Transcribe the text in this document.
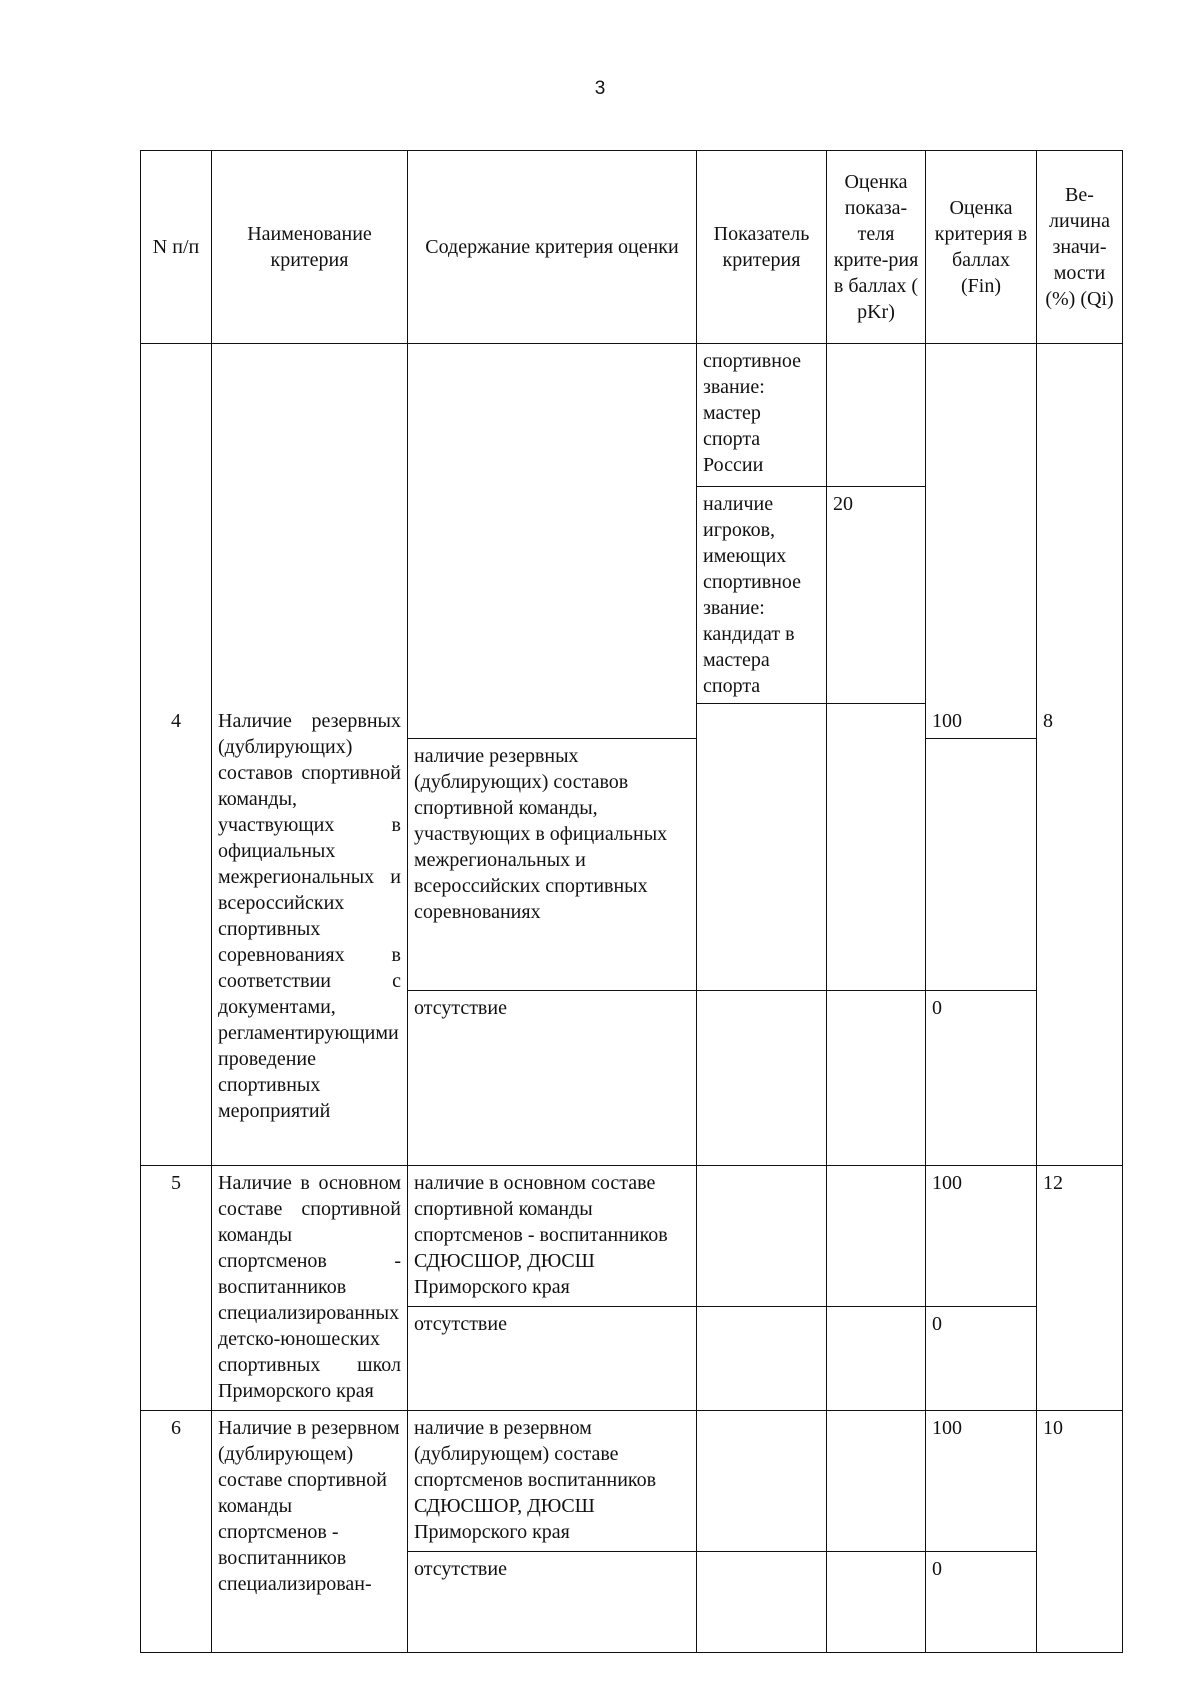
3
N п/п	Наименование критерия	Содержание критерия оценки	Показатель критерия	Оценка показа-теля крите-рия в баллах ( pKr)	Оценка критерия в баллах (Fin)	Ве-личина значи-мости (%) (Qi)
4	Наличие резервных (дублирующих) составов спортивной команды, участвующих в официальных межрегиональных и всероссийских спортивных соревнованиях в соответствии с документами, регламентирующими проведение спортивных мероприятий		спортивное звание: мастер спорта России		100	8
			наличие игроков, имеющих спортивное звание: кандидат в мастера спорта	20		

		наличие резервных (дублирующих) составов спортивной команды, участвующих в официальных межрегиональных и всероссийских спортивных соревнованиях				
		отсутствие			0	
5	Наличие в основном составе спортивной команды спортсменов - воспитанников специализированных детско-юношеских спортивных школ Приморского края	наличие в основном составе спортивной команды спортсменов - воспитанников СДЮСШОР, ДЮСШ Приморского края			100	12
		отсутствие			0	
6	Наличие в резервном (дублирующем) составе спортивной команды спортсменов - воспитанников специализирован-	наличие в резервном (дублирующем) составе спортсменов воспитанников СДЮСШОР, ДЮСШ Приморского края			100	10
		отсутствие			0	
